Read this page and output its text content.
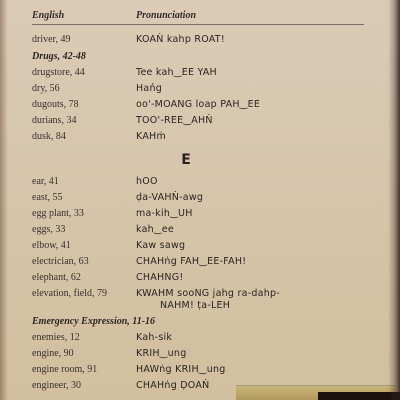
English	Pronunciation
driver, 49	KOAṄ kahp ROAT!
Drugs, 42-48
drugstore, 44	Tee kah‿EE YAH
dry, 56	Hańg
dugouts, 78	oo'-MOANG loap PAH‿EE
durians, 34	TOO'-REE‿AHṄ
dusk, 84	KAHṁ
E
ear, 41	hOO
east, 55	ḍa-VAHṄ-awg
egg plant, 33	ma-kih‿UH
eggs, 33	kah‿ee
elbow, 41	Kaw sawg
electrician, 63	CHAHṅg FAH‿EE-FAH!
elephant, 62	CHAHNG!
elevation, field, 79	KWAHM sooNG jahg ra-dahp-
NAHM! ṭa-LEH
Emergency Expression, 11-16
enemies, 12	Kah-sik
engine, 90	KRIH‿ung
engine room, 91	HAWṅg KRIH‿ung
engineer, 30	CHAHṅg ḌOAṄ
